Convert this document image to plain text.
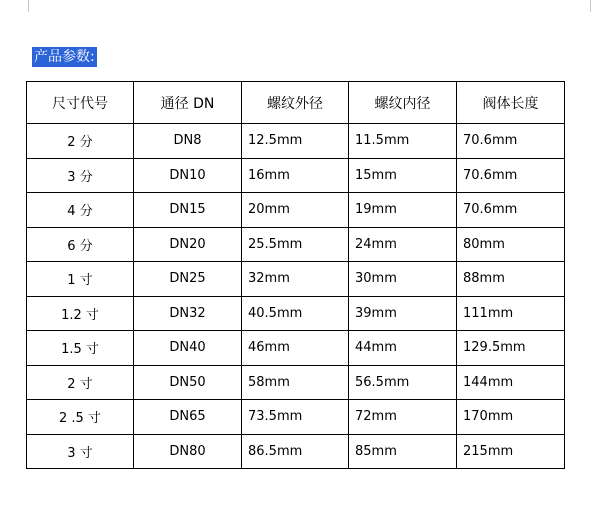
产品参数:
尺寸代号	通径 DN	螺纹外径	螺纹内径	阀体长度
2 分	DN8	12.5mm	11.5mm	70.6mm
3 分	DN10	16mm	15mm	70.6mm
4 分	DN15	20mm	19mm	70.6mm
6 分	DN20	25.5mm	24mm	80mm
1 寸	DN25	32mm	30mm	88mm
1.2 寸	DN32	40.5mm	39mm	111mm
1.5 寸	DN40	46mm	44mm	129.5mm
2 寸	DN50	58mm	56.5mm	144mm
2 .5 寸	DN65	73.5mm	72mm	170mm
3 寸	DN80	86.5mm	85mm	215mm
